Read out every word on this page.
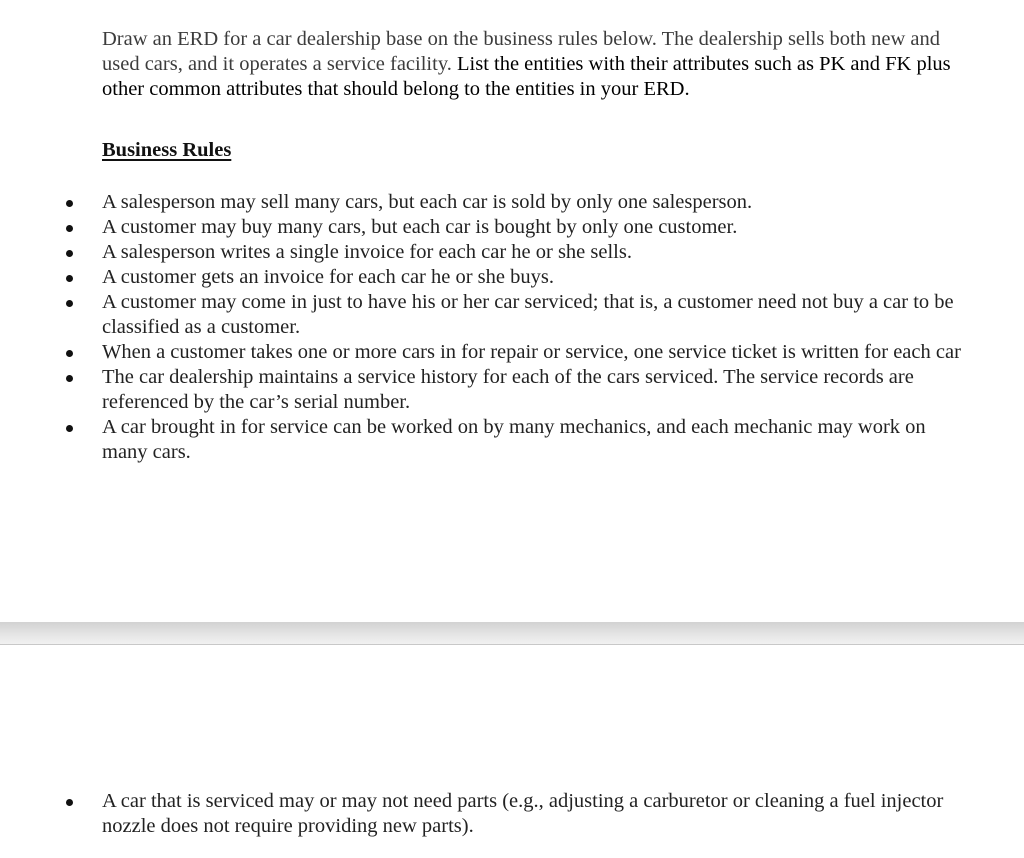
Draw an ERD for a car dealership base on the business rules below. The dealership sells both new and
used cars, and it operates a service facility. List the entities with their attributes such as PK and FK plus
other common attributes that should belong to the entities in your ERD.
Business Rules
A salesperson may sell many cars, but each car is sold by only one salesperson.
A customer may buy many cars, but each car is bought by only one customer.
A salesperson writes a single invoice for each car he or she sells.
A customer gets an invoice for each car he or she buys.
A customer may come in just to have his or her car serviced; that is, a customer need not buy a car to be
classified as a customer.
When a customer takes one or more cars in for repair or service, one service ticket is written for each car
The car dealership maintains a service history for each of the cars serviced. The service records are
referenced by the car’s serial number.
A car brought in for service can be worked on by many mechanics, and each mechanic may work on
many cars.
A car that is serviced may or may not need parts (e.g., adjusting a carburetor or cleaning a fuel injector
nozzle does not require providing new parts).
